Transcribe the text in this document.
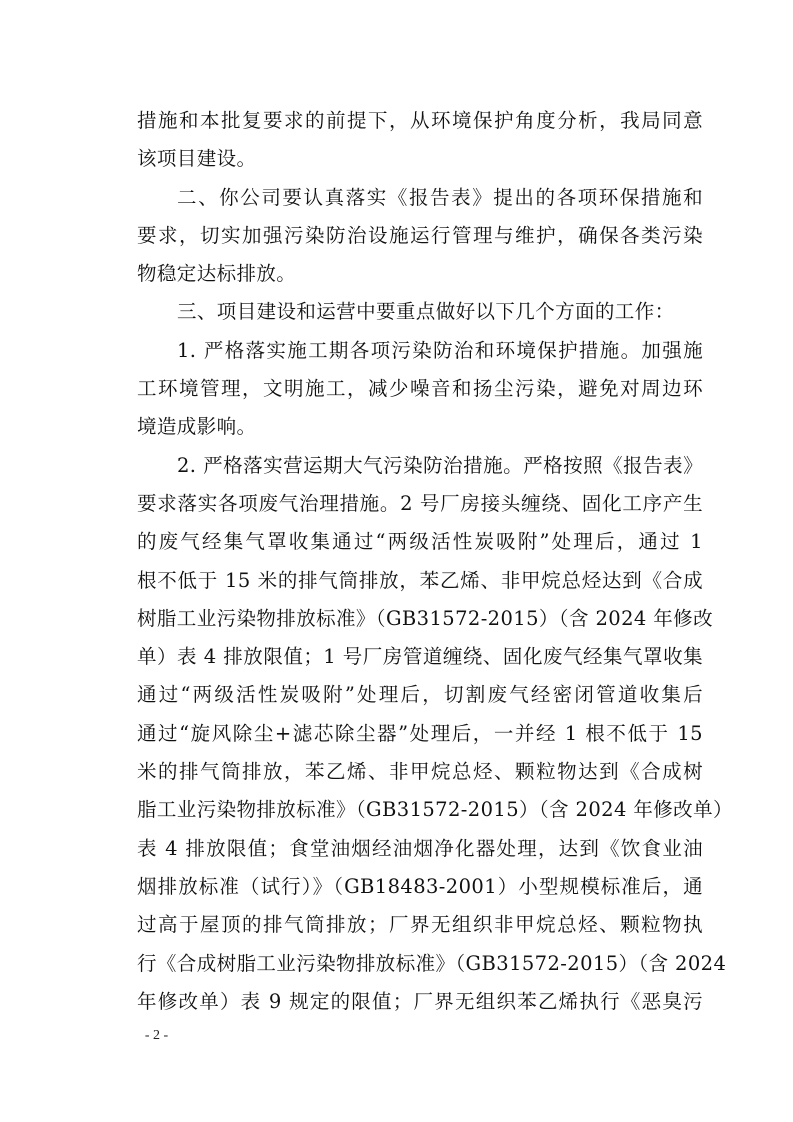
措施和本批复要求的前提下，从环境保护角度分析，我局同意
该项目建设。
二、你公司要认真落实《报告表》提出的各项环保措施和
要求，切实加强污染防治设施运行管理与维护，确保各类污染
物稳定达标排放。
三、项目建设和运营中要重点做好以下几个方面的工作：
1. 严格落实施工期各项污染防治和环境保护措施。加强施
工环境管理，文明施工，减少噪音和扬尘污染，避免对周边环
境造成影响。
2. 严格落实营运期大气污染防治措施。严格按照《报告表》
要求落实各项废气治理措施。2 号厂房接头缠绕、固化工序产生
的废气经集气罩收集通过“两级活性炭吸附”处理后，通过 1
根不低于 15 米的排气筒排放，苯乙烯、非甲烷总烃达到《合成
树脂工业污染物排放标准》（GB31572-2015）（含 2024 年修改
单）表 4 排放限值；1 号厂房管道缠绕、固化废气经集气罩收集
通过“两级活性炭吸附”处理后，切割废气经密闭管道收集后
通过“旋风除尘+滤芯除尘器”处理后，一并经 1 根不低于 15
米的排气筒排放，苯乙烯、非甲烷总烃、颗粒物达到《合成树
脂工业污染物排放标准》（GB31572-2015）（含 2024 年修改单）
表 4 排放限值；食堂油烟经油烟净化器处理，达到《饮食业油
烟排放标准（试行）》（GB18483-2001）小型规模标准后，通
过高于屋顶的排气筒排放；厂界无组织非甲烷总烃、颗粒物执
行《合成树脂工业污染物排放标准》（GB31572-2015）（含 2024
年修改单）表 9 规定的限值；厂界无组织苯乙烯执行《恶臭污
- 2 -
